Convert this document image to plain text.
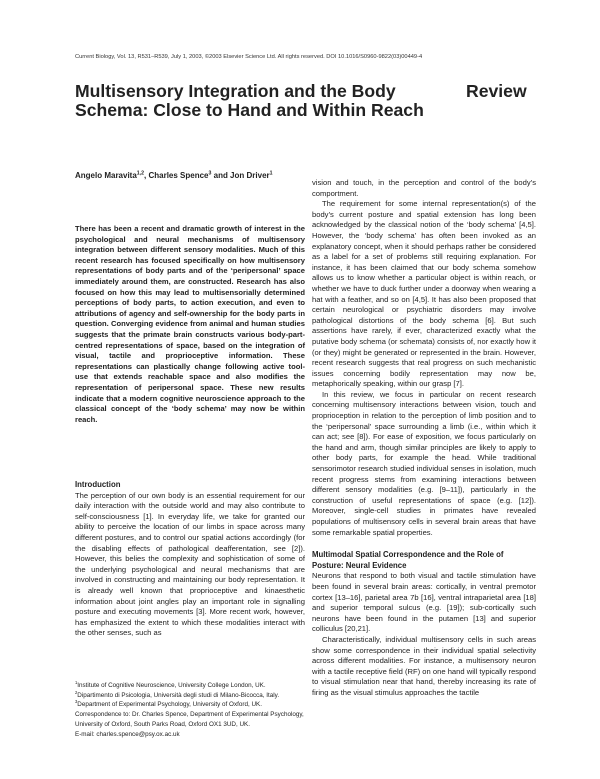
Current Biology, Vol. 13, R531–R539, July 1, 2003, ©2003 Elsevier Science Ltd. All rights reserved. DOI 10.1016/S0960-9822(03)00449-4
Multisensory Integration and the Body Schema: Close to Hand and Within Reach
Review
Angelo Maravita$^{1,2}$, Charles Spence$^3$ and Jon Driver$^1$

There has been a recent and dramatic growth of interest in the psychological and neural mechanisms of multisensory integration between different sensory modalities. Much of this recent research has focused specifically on how multisensory representations of body parts and of the ‘peripersonal’ space immediately around them, are constructed. Research has also focused on how this may lead to multisensorially determined perceptions of body parts, to action execution, and even to attributions of agency and self-ownership for the body parts in question. Converging evidence from animal and human studies suggests that the primate brain constructs various body-part-centred representations of space, based on the integration of visual, tactile and proprioceptive information. These representations can plastically change following active tool-use that extends reachable space and also modifies the representation of peripersonal space. These new results indicate that a modern cognitive neuroscience approach to the classical concept of the ‘body schema’ may now be within reach.

Introduction

The perception of our own body is an essential requirement for our daily interaction with the outside world and may also contribute to self-consciousness [1]. In everyday life, we take for granted our ability to perceive the location of our limbs in space across many different postures, and to control our spatial actions accordingly (for the disabling effects of pathological deafferentation, see [2]). However, this belies the complexity and sophistication of some of the underlying psychological and neural mechanisms that are involved in constructing and maintaining our body representation. It is already well known that proprioceptive and kinaesthetic information about joint angles play an important role in signalling posture and executing movements [3]. More recent work, however, has emphasized the extent to which these modalities interact with the other senses, such as

$^1$Institute of Cognitive Neuroscience, University College London, UK. $^2$Dipartimento di Psicologia, Università degli studi di Milano-Bicocca, Italy. $^3$Department of Experimental Psychology, University of Oxford, UK.

Correspondence to: Dr. Charles Spence, Department of Experimental Psychology, University of Oxford, South Parks Road, Oxford OX1 3UD, UK.

E-mail: charles.spence@psy.ox.ac.uk

vision and touch, in the perception and control of the body’s comportment.

The requirement for some internal representation(s) of the body’s current posture and spatial extension has long been acknowledged by the classical notion of the ‘body schema’ [4,5]. However, the ‘body schema’ has often been invoked as an explanatory concept, when it should perhaps rather be considered as a label for a set of problems still requiring explanation. For instance, it has been claimed that our body schema somehow allows us to know whether a particular object is within reach, or whether we have to duck further under a doorway when wearing a hat with a feather, and so on [4,5]. It has also been proposed that certain neurological or psychiatric disorders may involve pathological distortions of the body schema [6]. But such assertions have rarely, if ever, characterized exactly what the putative body schema (or schemata) consists of, nor exactly how it (or they) might be generated or represented in the brain. However, recent research suggests that real progress on such mechanistic issues concerning bodily representation may now be, metaphorically speaking, within our grasp [7].

In this review, we focus in particular on recent research concerning multisensory interactions between vision, touch and proprioception in relation to the perception of limb position and to the ‘peripersonal’ space surrounding a limb (i.e., within which it can act; see [8]). For ease of exposition, we focus particularly on the hand and arm, though similar principles are likely to apply to other body parts, for example the head. While traditional sensorimotor research studied individual senses in isolation, much recent progress stems from examining interactions between different sensory modalities (e.g. [9–11]), particularly in the construction of useful representations of space (e.g. [12]). Moreover, single-cell studies in primates have revealed populations of multisensory cells in several brain areas that have some remarkable spatial properties.

Multimodal Spatial Correspondence and the Role of Posture: Neural Evidence

Neurons that respond to both visual and tactile stimulation have been found in several brain areas: cortically, in ventral premotor cortex [13–16], parietal area 7b [16], ventral intraparietal area [18] and superior temporal sulcus (e.g. [19]); sub-cortically such neurons have been found in the putamen [13] and superior colliculus [20,21].

Characteristically, individual multisensory cells in such areas show some correspondence in their individual spatial selectivity across different modalities. For instance, a multisensory neuron with a tactile receptive field (RF) on one hand will typically respond to visual stimulation near that hand, thereby increasing its rate of firing as the visual stimulus approaches the tactile
